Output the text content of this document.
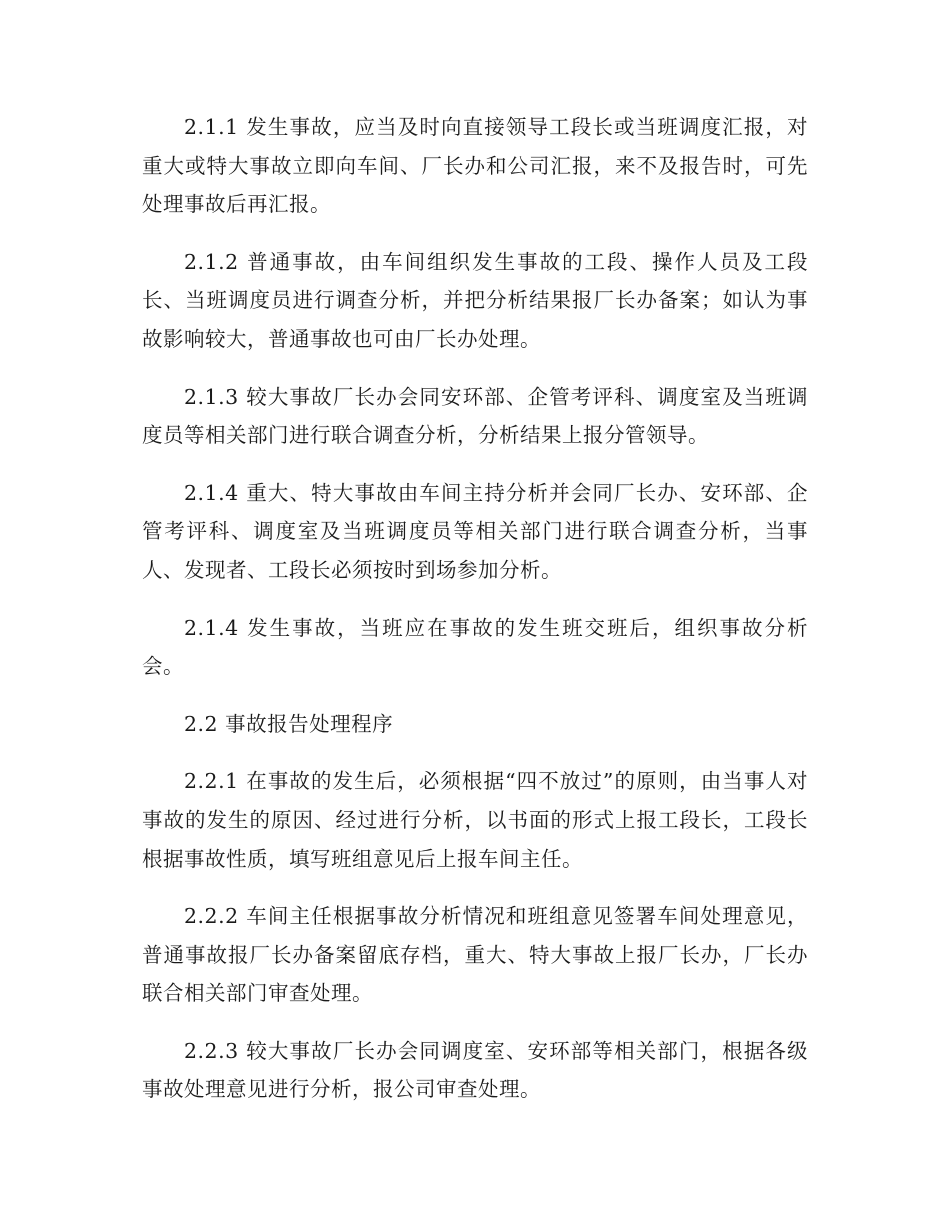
2.1.1 发生事故，应当及时向直接领导工段长或当班调度汇报，对重大或特大事故立即向车间、厂长办和公司汇报，来不及报告时，可先处理事故后再汇报。

2.1.2 普通事故，由车间组织发生事故的工段、操作人员及工段长、当班调度员进行调查分析，并把分析结果报厂长办备案；如认为事故影响较大，普通事故也可由厂长办处理。

2.1.3 较大事故厂长办会同安环部、企管考评科、调度室及当班调度员等相关部门进行联合调查分析，分析结果上报分管领导。

2.1.4 重大、特大事故由车间主持分析并会同厂长办、安环部、企管考评科、调度室及当班调度员等相关部门进行联合调查分析，当事人、发现者、工段长必须按时到场参加分析。

2.1.4 发生事故，当班应在事故的发生班交班后，组织事故分析会。

2.2 事故报告处理程序

2.2.1 在事故的发生后，必须根据“四不放过”的原则，由当事人对事故的发生的原因、经过进行分析，以书面的形式上报工段长，工段长根据事故性质，填写班组意见后上报车间主任。

2.2.2 车间主任根据事故分析情况和班组意见签署车间处理意见，普通事故报厂长办备案留底存档，重大、特大事故上报厂长办，厂长办联合相关部门审查处理。

2.2.3 较大事故厂长办会同调度室、安环部等相关部门，根据各级事故处理意见进行分析，报公司审查处理。
